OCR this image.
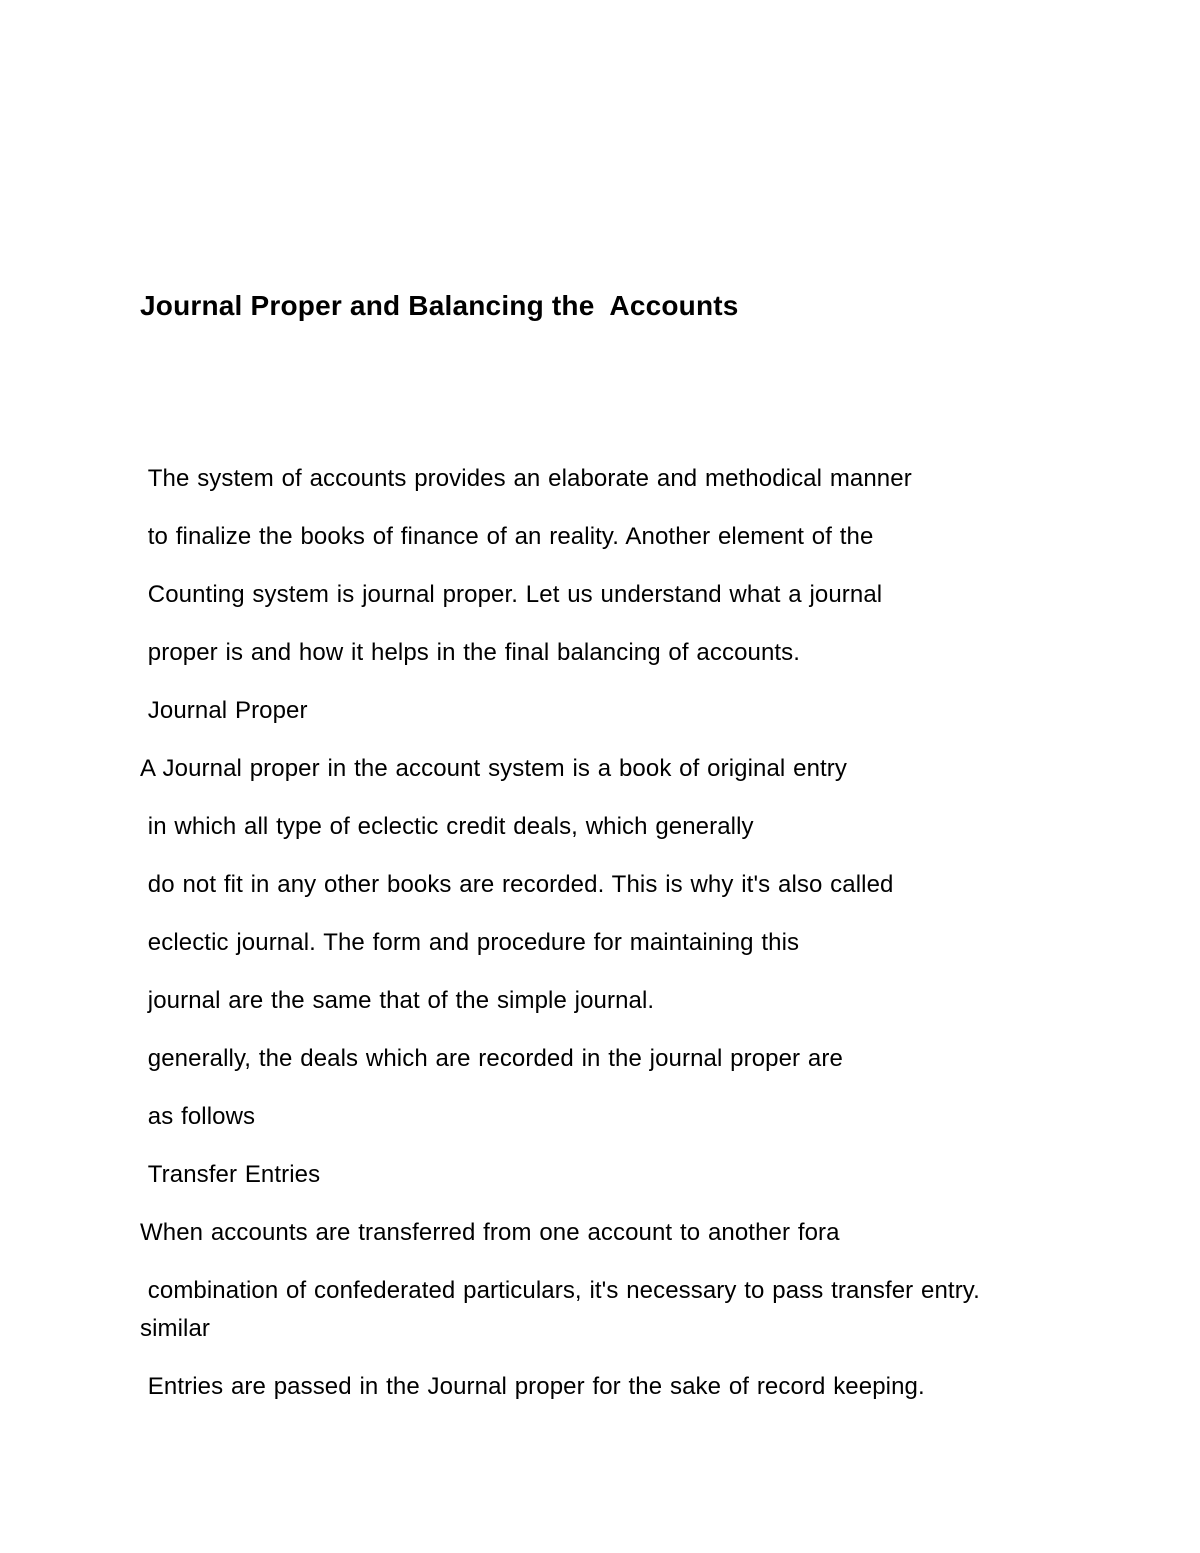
Journal Proper and Balancing the  Accounts
The system of accounts provides an elaborate and methodical manner
to finalize the books of finance of an reality. Another element of the
Counting system is journal proper. Let us understand what a journal
proper is and how it helps in the final balancing of accounts.
Journal Proper
A Journal proper in the account system is a book of original entry
in which all type of eclectic credit deals, which generally
do not fit in any other books are recorded. This is why it's also called
eclectic journal. The form and procedure for maintaining this
journal are the same that of the simple journal.
generally, the deals which are recorded in the journal proper are
as follows
Transfer Entries
When accounts are transferred from one account to another fora
combination of confederated particulars, it's necessary to pass transfer entry.
similar
Entries are passed in the Journal proper for the sake of record keeping.
